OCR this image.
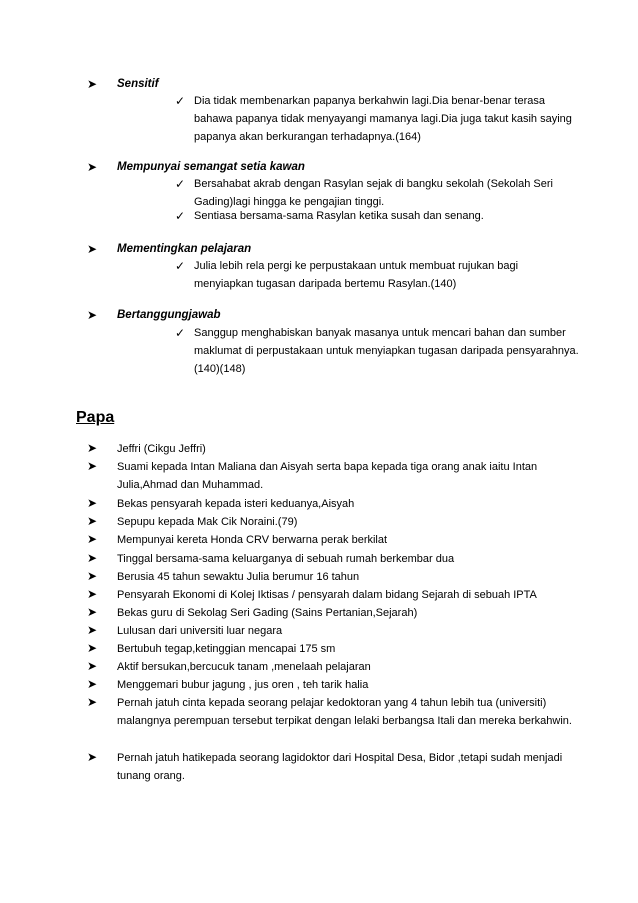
➤ Sensitif
✓ Dia tidak membenarkan papanya berkahwin lagi.Dia benar-benar terasa bahawa papanya tidak menyayangi mamanya lagi.Dia juga takut kasih saying papanya akan berkurangan terhadapnya.(164)
➤ Mempunyai semangat setia kawan
✓ Bersahabat akrab dengan Rasylan sejak di bangku sekolah (Sekolah Seri Gading)lagi hingga ke pengajian tinggi.
✓ Sentiasa bersama-sama Rasylan ketika susah dan senang.
➤ Mementingkan pelajaran
✓ Julia lebih rela pergi ke perpustakaan untuk membuat rujukan bagi menyiapkan tugasan daripada bertemu Rasylan.(140)
➤ Bertanggungjawab
✓ Sanggup menghabiskan banyak masanya untuk mencari bahan dan sumber maklumat di perpustakaan untuk menyiapkan tugasan daripada pensyarahnya.(140)(148)
Papa
➤ Jeffri (Cikgu Jeffri)
➤ Suami kepada Intan Maliana dan Aisyah serta bapa kepada tiga orang anak iaitu Intan Julia,Ahmad dan Muhammad.
➤ Bekas pensyarah kepada isteri keduanya,Aisyah
➤ Sepupu kepada Mak Cik Noraini.(79)
➤ Mempunyai kereta Honda CRV berwarna perak berkilat
➤ Tinggal bersama-sama keluarganya di sebuah rumah berkembar dua
➤ Berusia 45 tahun sewaktu Julia berumur 16 tahun
➤ Pensyarah Ekonomi di Kolej Iktisas / pensyarah dalam bidang Sejarah di sebuah IPTA
➤ Bekas guru di Sekolag Seri Gading (Sains Pertanian,Sejarah)
➤ Lulusan dari universiti luar negara
➤ Bertubuh tegap,ketinggian mencapai 175 sm
➤ Aktif bersukan,bercucuk tanam ,menelaah pelajaran
➤ Menggemari bubur jagung , jus oren , teh tarik halia
➤ Pernah jatuh cinta kepada seorang pelajar kedoktoran yang 4 tahun lebih tua (universiti) malangnya perempuan tersebut terpikat dengan lelaki berbangsa Itali dan mereka berkahwin.
➤ Pernah jatuh hatikepada seorang lagidoktor dari Hospital Desa, Bidor ,tetapi sudah menjadi tunang orang.
